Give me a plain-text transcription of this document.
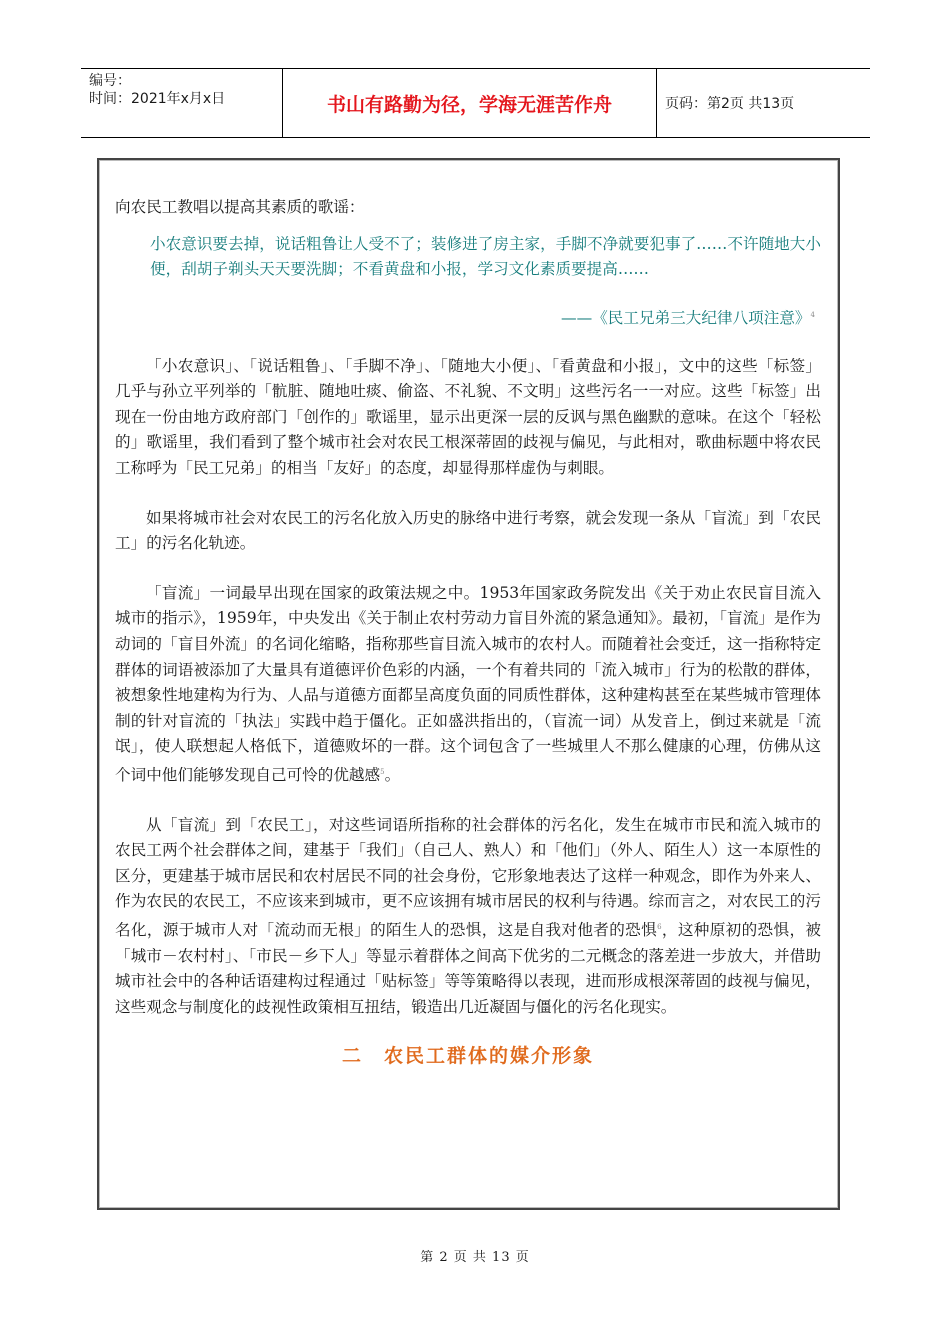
编号：
时间：2021年x月x日	书山有路勤为径，学海无涯苦作舟	页码：第2页 共13页

向农民工教唱以提高其素质的歌谣：

小农意识要去掉，说话粗鲁让人受不了；装修进了房主家，手脚不净就要犯事了……不许随地大小便，刮胡子剃头天天要洗脚；不看黄盘和小报，学习文化素质要提高……
——《民工兄弟三大纪律八项注意》$^4$

「小农意识」、「说话粗鲁」、「手脚不净」、「随地大小便」、「看黄盘和小报」，文中的这些「标签」几乎与孙立平列举的「骯脏、随地吐痰、偷盗、不礼貌、不文明」这些污名一一对应。这些「标签」出现在一份由地方政府部门「创作的」歌谣里，显示出更深一层的反讽与黑色幽默的意味。在这个「轻松的」歌谣里，我们看到了整个城市社会对农民工根深蒂固的歧视与偏见，与此相对，歌曲标题中将农民工称呼为「民工兄弟」的相当「友好」的态度，却显得那样虚伪与刺眼。

如果将城市社会对农民工的污名化放入历史的脉络中进行考察，就会发现一条从「盲流」到「农民工」的污名化轨迹。

「盲流」一词最早出现在国家的政策法规之中。1953年国家政务院发出《关于劝止农民盲目流入城市的指示》，1959年，中央发出《关于制止农村劳动力盲目外流的紧急通知》。最初，「盲流」是作为动词的「盲目外流」的名词化缩略，指称那些盲目流入城市的农村人。而随着社会变迁，这一指称特定群体的词语被添加了大量具有道德评价色彩的内涵，一个有着共同的「流入城市」行为的松散的群体，被想象性地建构为行为、人品与道德方面都呈高度负面的同质性群体，这种建构甚至在某些城市管理体制的针对盲流的「执法」实践中趋于僵化。正如盛洪指出的，（盲流一词）从发音上，倒过来就是「流氓」，使人联想起人格低下，道德败坏的一群。这个词包含了一些城里人不那么健康的心理，仿佛从这个词中他们能够发现自己可怜的优越感$^5$。

从「盲流」到「农民工」，对这些词语所指称的社会群体的污名化，发生在城市市民和流入城市的农民工两个社会群体之间，建基于「我们」（自己人、熟人）和「他们」（外人、陌生人）这一本原性的区分，更建基于城市居民和农村居民不同的社会身份，它形象地表达了这样一种观念，即作为外来人、作为农民的农民工，不应该来到城市，更不应该拥有城市居民的权利与待遇。综而言之，对农民工的污名化，源于城市人对「流动而无根」的陌生人的恐惧，这是自我对他者的恐惧$^6$，这种原初的恐惧，被「城市－农村村」、「市民－乡下人」等显示着群体之间高下优劣的二元概念的落差进一步放大，并借助城市社会中的各种话语建构过程通过「贴标签」等等策略得以表现，进而形成根深蒂固的歧视与偏见，这些观念与制度化的歧视性政策相互扭结，锻造出几近凝固与僵化的污名化现实。

二　农民工群体的媒介形象
第 2 页 共 13 页
